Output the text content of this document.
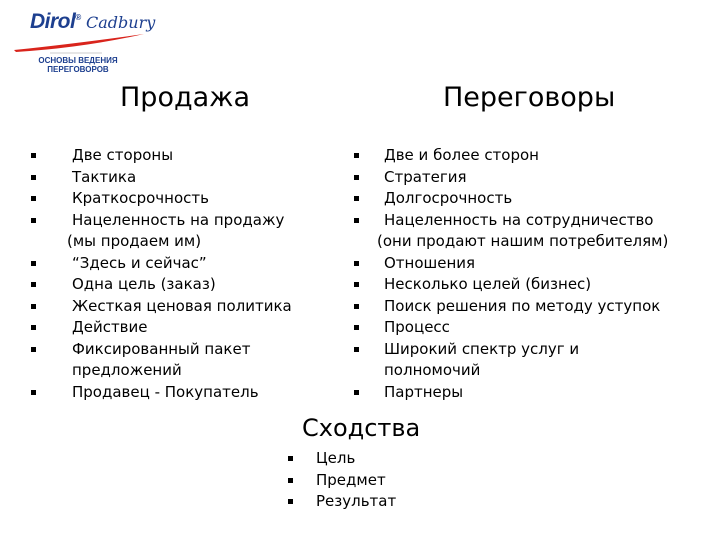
Dirol® Cadbury
ОСНОВЫ ВЕДЕНИЯ
ПЕРЕГОВОРОВ
Продажа	Переговоры
Две стороны
Тактика
Краткосрочность
Нацеленность на продажу
(мы продаем им)
“Здесь и сейчас”
Одна цель (заказ)
Жесткая ценовая политика
Действие
Фиксированный пакет
предложений
Продавец - Покупатель
Две и более сторон
Стратегия
Долгосрочность
Нацеленность на сотрудничество
(они продают нашим потребителям)
Отношения
Несколько целей (бизнес)
Поиск решения по методу уступок
Процесс
Широкий спектр услуг и
полномочий
Партнеры
Сходства
Цель
Предмет
Результат
